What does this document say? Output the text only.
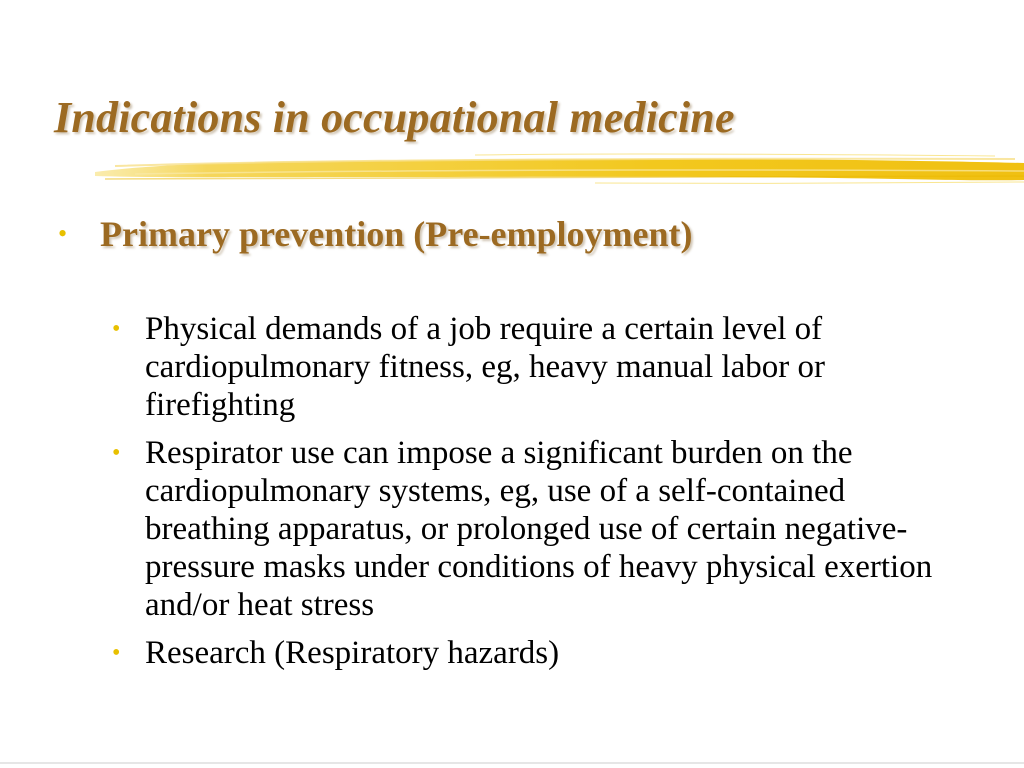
Indications in occupational medicine
• Primary prevention (Pre-employment)
• Physical demands of a job require a certain level of cardiopulmonary fitness, eg, heavy manual labor or firefighting
• Respirator use can impose a significant burden on the cardiopulmonary systems, eg, use of a self-contained breathing apparatus, or prolonged use of certain negative-pressure masks under conditions of heavy physical exertion and/or heat stress
• Research (Respiratory hazards)
